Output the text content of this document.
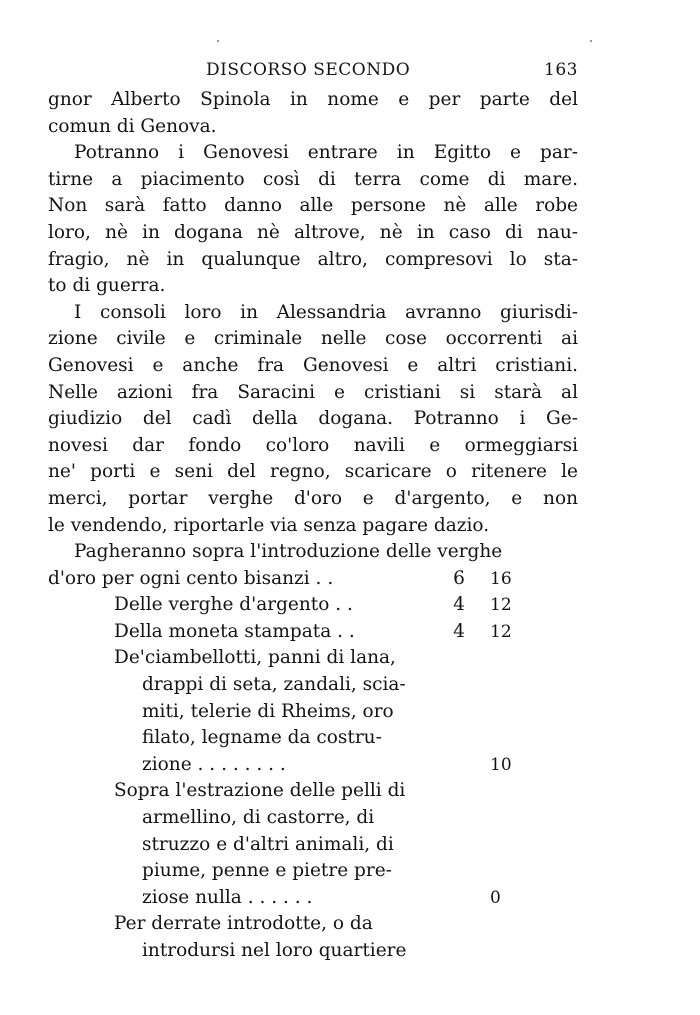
DISCORSO SECONDO	163
gnor Alberto Spinola in nome e per parte del
comun di Genova.
Potranno i Genovesi entrare in Egitto e par-
tirne a piacimento così di terra come di mare.
Non sarà fatto danno alle persone nè alle robe
loro, nè in dogana nè altrove, nè in caso di nau-
fragio, nè in qualunque altro, compresovi lo sta-
to di guerra.
I consoli loro in Alessandria avranno giurisdi-
zione civile e criminale nelle cose occorrenti ai
Genovesi e anche fra Genovesi e altri cristiani.
Nelle azioni fra Saracini e cristiani si starà al
giudizio del cadì della dogana. Potranno i Ge-
novesi dar fondo co'loro navili e ormeggiarsi
ne' porti e seni del regno, scaricare o ritenere le
merci, portar verghe d'oro e d'argento, e non
le vendendo, riportarle via senza pagare dazio.
Pagheranno sopra l'introduzione delle verghe
d'oro per ogni cento bisanzi . .	6 16
Delle verghe d'argento . .	4 12
Della moneta stampata . .	4 12
De'ciambellotti, panni di lana,
drappi di seta, zandali, scia-
miti, telerie di Rheims, oro
filato, legname da costru-
zione . . . . . . . .	10
Sopra l'estrazione delle pelli di
armellino, di castorre, di
struzzo e d'altri animali, di
piume, penne e pietre pre-
ziose nulla . . . . . .	0
Per derrate introdotte, o da
introdursi nel loro quartiere
